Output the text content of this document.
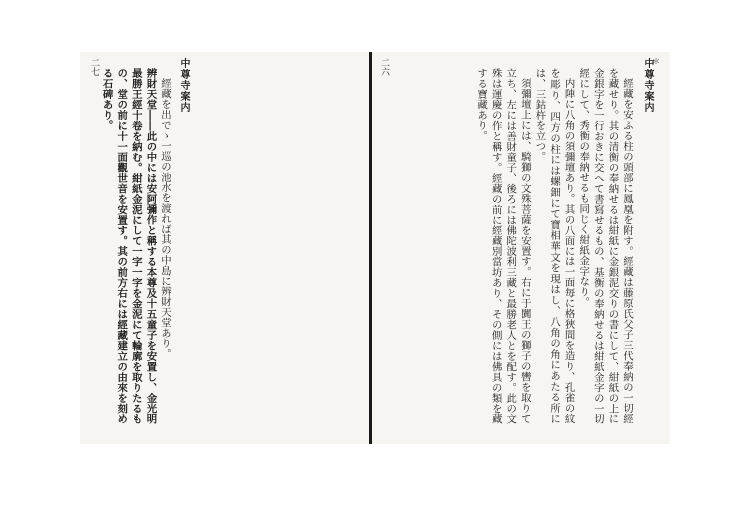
中尊寺案内
二七

經藏を出でゝ一巡の池水を渡れば其の中島に辨財天堂あり。

辨財天堂――此の中には安阿彌作と稱する本尊及十五童子を安置し、金光明最勝王經十卷を納む。紺紙金泥にして一字一字を金泥にて輪廓を取りたるもの、堂の前に十一面觀世音を安置す。其の前方右には經藏建立の由來を刻める石碑あり。

＊
中尊寺案内
二六

經藏を安ふる柱の頭部に鳳凰を附す。經藏は藤原氏父子三代奉納の一切經を藏せり。其の清衡の奉納せるは紺紙に金銀泥交りの書にして、紺紙の上に金銀字を一行おきに交へて書寫せるもの、基衡の奉納せるは紺紙金字の一切經にして、秀衡の奉納せるも同じく紺紙金字なり。

内陣に八角の須彌壇あり。其の八面には一面毎に格狹間を造り、孔雀の紋を彫り、四方の柱には螺鈿にて寶相華文を現はし、八角の角にあたる所には、三鈷杵を立つ。

須彌壇上には、騎獅の文殊菩薩を安置す。右に于闐王の獅子の轡を取りて立ち、左には善財童子、後ろには佛陀波利三藏と最勝老人とを配す。此の文殊は運慶の作と稱す。經藏の前に經藏別當坊あり、その側には佛具の類を藏する寶藏あり。
